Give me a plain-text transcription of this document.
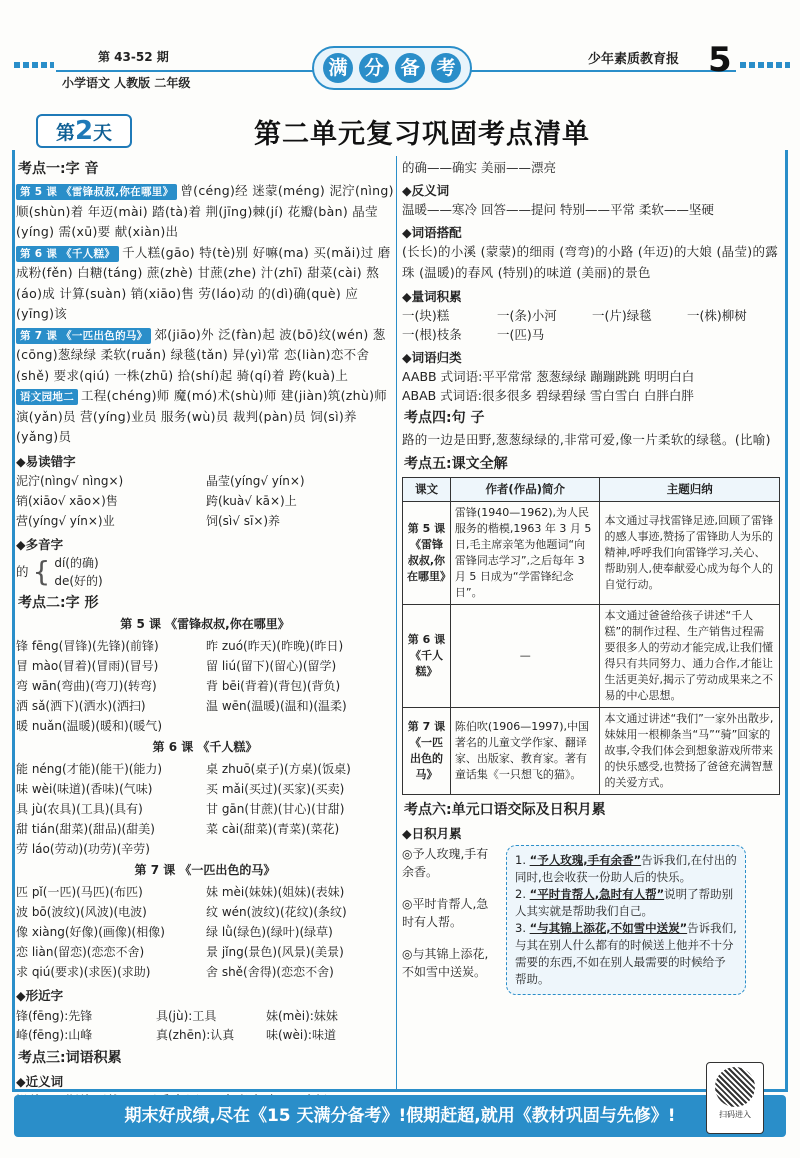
第 43-52 期
小学语文 人教版 二年级
满 分 备 考	少年素质教育报 5
第2天	第二单元复习巩固考点清单
考点一:字 音
第 5 课 《雷锋叔叔,你在哪里》 曾(céng)经 迷蒙(méng) 泥泞(nìng) 顺(shùn)着 年迈(mài) 踏(tà)着 荆(jīng)棘(jí) 花瓣(bàn) 晶莹(yíng) 需(xū)要 献(xiàn)出
第 6 课 《千人糕》 千人糕(gāo) 特(tè)别 好嘛(ma) 买(mǎi)过 磨成粉(fěn) 白糖(táng) 蔗(zhè) 甘蔗(zhe) 汁(zhī) 甜菜(cài) 熬(áo)成 计算(suàn) 销(xiāo)售 劳(láo)动 的(dì)确(què) 应(yīng)该
第 7 课 《一匹出色的马》 郊(jiāo)外 泛(fàn)起 波(bō)纹(wén) 葱(cōng)葱绿绿 柔软(ruǎn) 绿毯(tǎn) 异(yì)常 恋(liàn)恋不舍(shě) 要求(qiú) 一株(zhū) 拾(shí)起 骑(qí)着 跨(kuà)上
语文园地二 工程(chéng)师 魔(mó)术(shù)师 建(jiàn)筑(zhù)师 演(yǎn)员 营(yíng)业员 服务(wù)员 裁判(pàn)员 饲(sì)养(yǎng)员
◆易读错字
泥泞(nìng√ nìng×)	晶莹(yíng√ yín×)
销(xiāo√ xāo×)售	跨(kuà√ kā×)上
营(yíng√ yín×)业	饲(sì√ sī×)养
◆多音字
的 { dí(的确)
de(好的)
考点二:字 形
第 5 课 《雷锋叔叔,你在哪里》
锋 fēng(冒锋)(先锋)(前锋)	昨 zuó(昨天)(昨晚)(昨日)
冒 mào(冒着)(冒雨)(冒号)	留 liú(留下)(留心)(留学)
弯 wān(弯曲)(弯刀)(转弯)	背 bēi(背着)(背包)(背负)
洒 sǎ(洒下)(洒水)(洒扫)	温 wēn(温暖)(温和)(温柔)
暖 nuǎn(温暖)(暖和)(暖气)
第 6 课 《千人糕》
能 néng(才能)(能干)(能力)	桌 zhuō(桌子)(方桌)(饭桌)
味 wèi(味道)(香味)(气味)	买 mǎi(买过)(买家)(买卖)
具 jù(农具)(工具)(具有)	甘 gān(甘蔗)(甘心)(甘甜)
甜 tián(甜菜)(甜品)(甜美)	菜 cài(甜菜)(青菜)(菜花)
劳 láo(劳动)(功劳)(辛劳)
第 7 课 《一匹出色的马》
匹 pǐ(一匹)(马匹)(布匹)	妹 mèi(妹妹)(姐妹)(表妹)
波 bō(波纹)(风波)(电波)	纹 wén(波纹)(花纹)(条纹)
像 xiàng(好像)(画像)(相像)	绿 lǜ(绿色)(绿叶)(绿草)
恋 liàn(留恋)(恋恋不舍)	景 jǐng(景色)(风景)(美景)
求 qiú(要求)(求医)(求助)	舍 shě(舍得)(恋恋不舍)
◆形近字
锋(fēng):先锋	具(jù):工具	妹(mèi):妹妹
峰(fēng):山峰	真(zhēn):认真	味(wèi):味道
考点三:词语积累
◆近义词
的确——确实 美丽——漂亮
◆反义词
温暖——寒冷 回答——提问 特别——平常 柔软——坚硬
◆词语搭配
(长长)的小溪 (蒙蒙)的细雨 (弯弯)的小路 (年迈)的大娘 (晶莹)的露珠 (温暖)的春风 (特别)的味道 (美丽)的景色
◆量词积累
一(块)糕	一(条)小河	一(片)绿毯	一(株)柳树
一(根)枝条	一(匹)马
◆词语归类
AABB 式词语:平平常常 葱葱绿绿 蹦蹦跳跳 明明白白
ABAB 式词语:很多很多 碧绿碧绿 雪白雪白 白胖白胖
考点四:句 子
路的一边是田野,葱葱绿绿的,非常可爱,像一片柔软的绿毯。(比喻)
考点五:课文全解
课文	作者(作品)简介	主题归纳
第 5 课《雷锋叔叔,你在哪里》	雷锋(1940—1962),为人民服务的楷模,1963 年 3 月 5 日,毛主席亲笔为他题词“向雷锋同志学习”,之后每年 3 月 5 日成为“学雷锋纪念日”。	本文通过寻找雷锋足迹,回顾了雷锋的感人事迹,赞扬了雷锋助人为乐的精神,呼呼我们向雷锋学习,关心、帮助别人,使奉献爱心成为每个人的自觉行动。
第 6 课《千人糕》	—	本文通过爸爸给孩子讲述“千人糕”的制作过程、生产销售过程需要很多人的劳动才能完成,让我们懂得只有共同努力、通力合作,才能让生活更美好,揭示了劳动成果来之不易的中心思想。
第 7 课《一匹出色的马》	陈伯吹(1906—1997),中国著名的儿童文学作家、翻译家、出版家、教育家。著有童话集《一只想飞的猫》。	本文通过讲述“我们”一家外出散步,妹妹用一根柳条当“马”“骑”回家的故事,令我们体会到想象游戏所带来的快乐感受,也赞扬了爸爸充满智慧的关爱方式。
考点六:单元口语交际及日积月累
◆日积月累
◎予人玫瑰,手有余香。
◎平时肯帮人,急时有人帮。
◎与其锦上添花,不如雪中送炭。
1. “予人玫瑰,手有余香”告诉我们,在付出的同时,也会收获一份助人后的快乐。
2. “平时肯帮人,急时有人帮”说明了帮助别人其实就是帮助我们自己。
3. “与其锦上添花,不如雪中送炭”告诉我们,与其在别人什么都有的时候送上他并不十分需要的东西,不如在别人最需要的时候给予帮助。
期末好成绩,尽在《15 天满分备考》!假期赶超,就用《教材巩固与先修》!	扫码进入
